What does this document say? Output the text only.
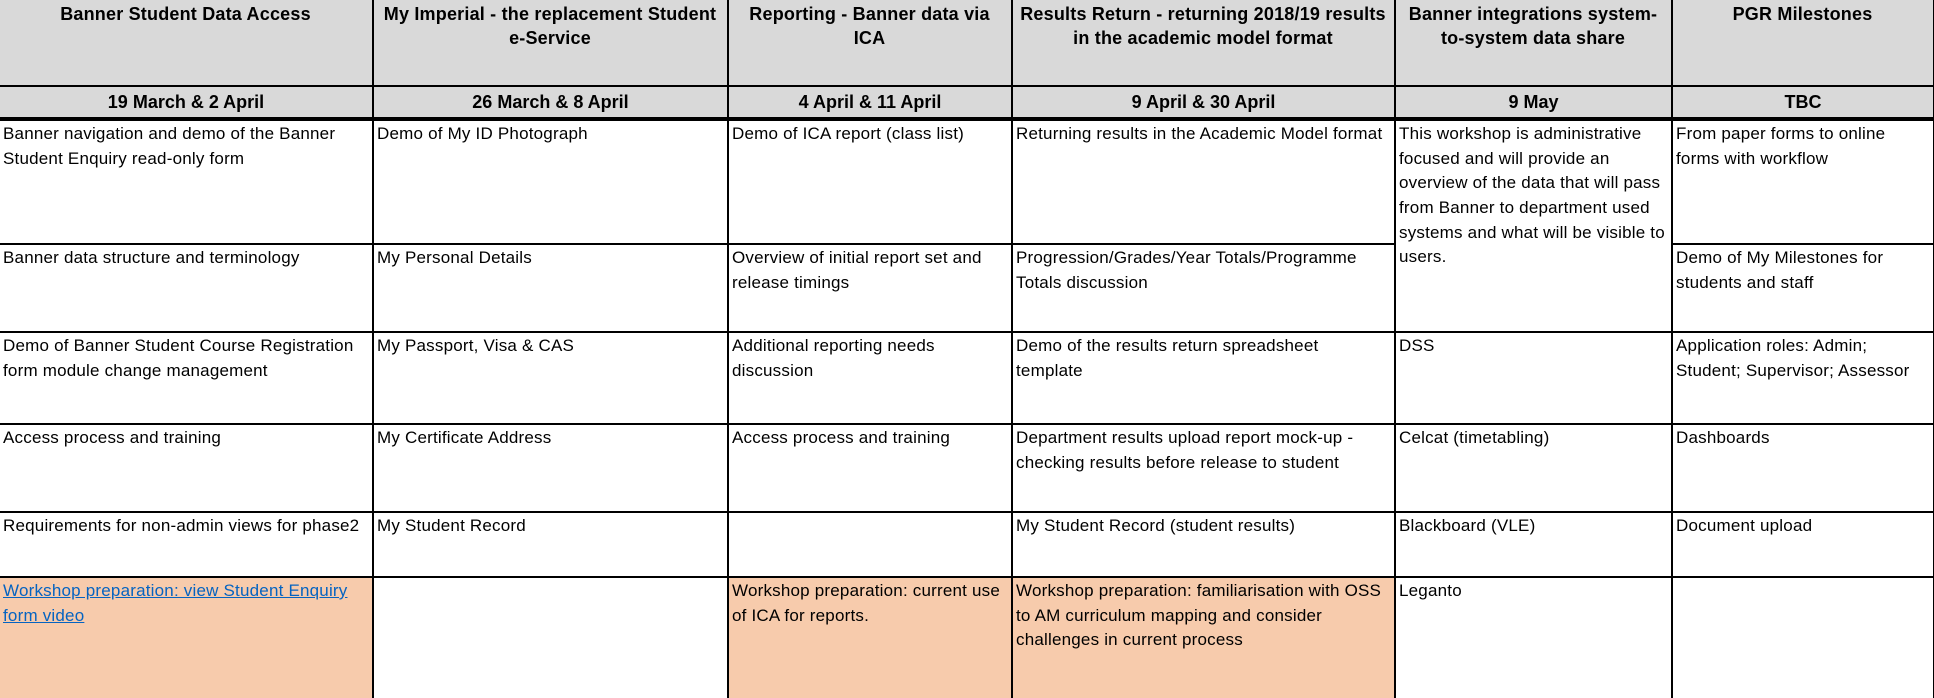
Banner Student Data Access	My Imperial - the replacement Student e-Service	Reporting - Banner data via ICA	Results Return - returning 2018/19 results in the academic model format	Banner integrations system-to-system data share	PGR Milestones
19 March & 2 April	26 March & 8 April	4 April & 11 April	9 April & 30 April	9 May	TBC
Banner navigation and demo of the Banner Student Enquiry read-only form	Demo of My ID Photograph	Demo of ICA report (class list)	Returning results in the Academic Model format	This workshop is administrative focused and will provide an overview of the data that will pass from Banner to department used systems and what will be visible to users.	From paper forms to online forms with workflow
Banner data structure and terminology	My Personal Details	Overview of initial report set and release timings	Progression/Grades/Year Totals/Programme Totals discussion		Demo of My Milestones for students and staff
Demo of Banner Student Course Registration form module change management	My Passport, Visa & CAS	Additional reporting needs discussion	Demo of the results return spreadsheet template	DSS	Application roles: Admin; Student; Supervisor; Assessor
Access process and training	My Certificate Address	Access process and training	Department results upload report mock-up - checking results before release to student	Celcat (timetabling)	Dashboards
Requirements for non-admin views for phase2	My Student Record		My Student Record (student results)	Blackboard (VLE)	Document upload
Workshop preparation: view Student Enquiry form video		Workshop preparation: current use of ICA for reports.	Workshop preparation: familiarisation with OSS to AM curriculum mapping and consider challenges in current process	Leganto	
